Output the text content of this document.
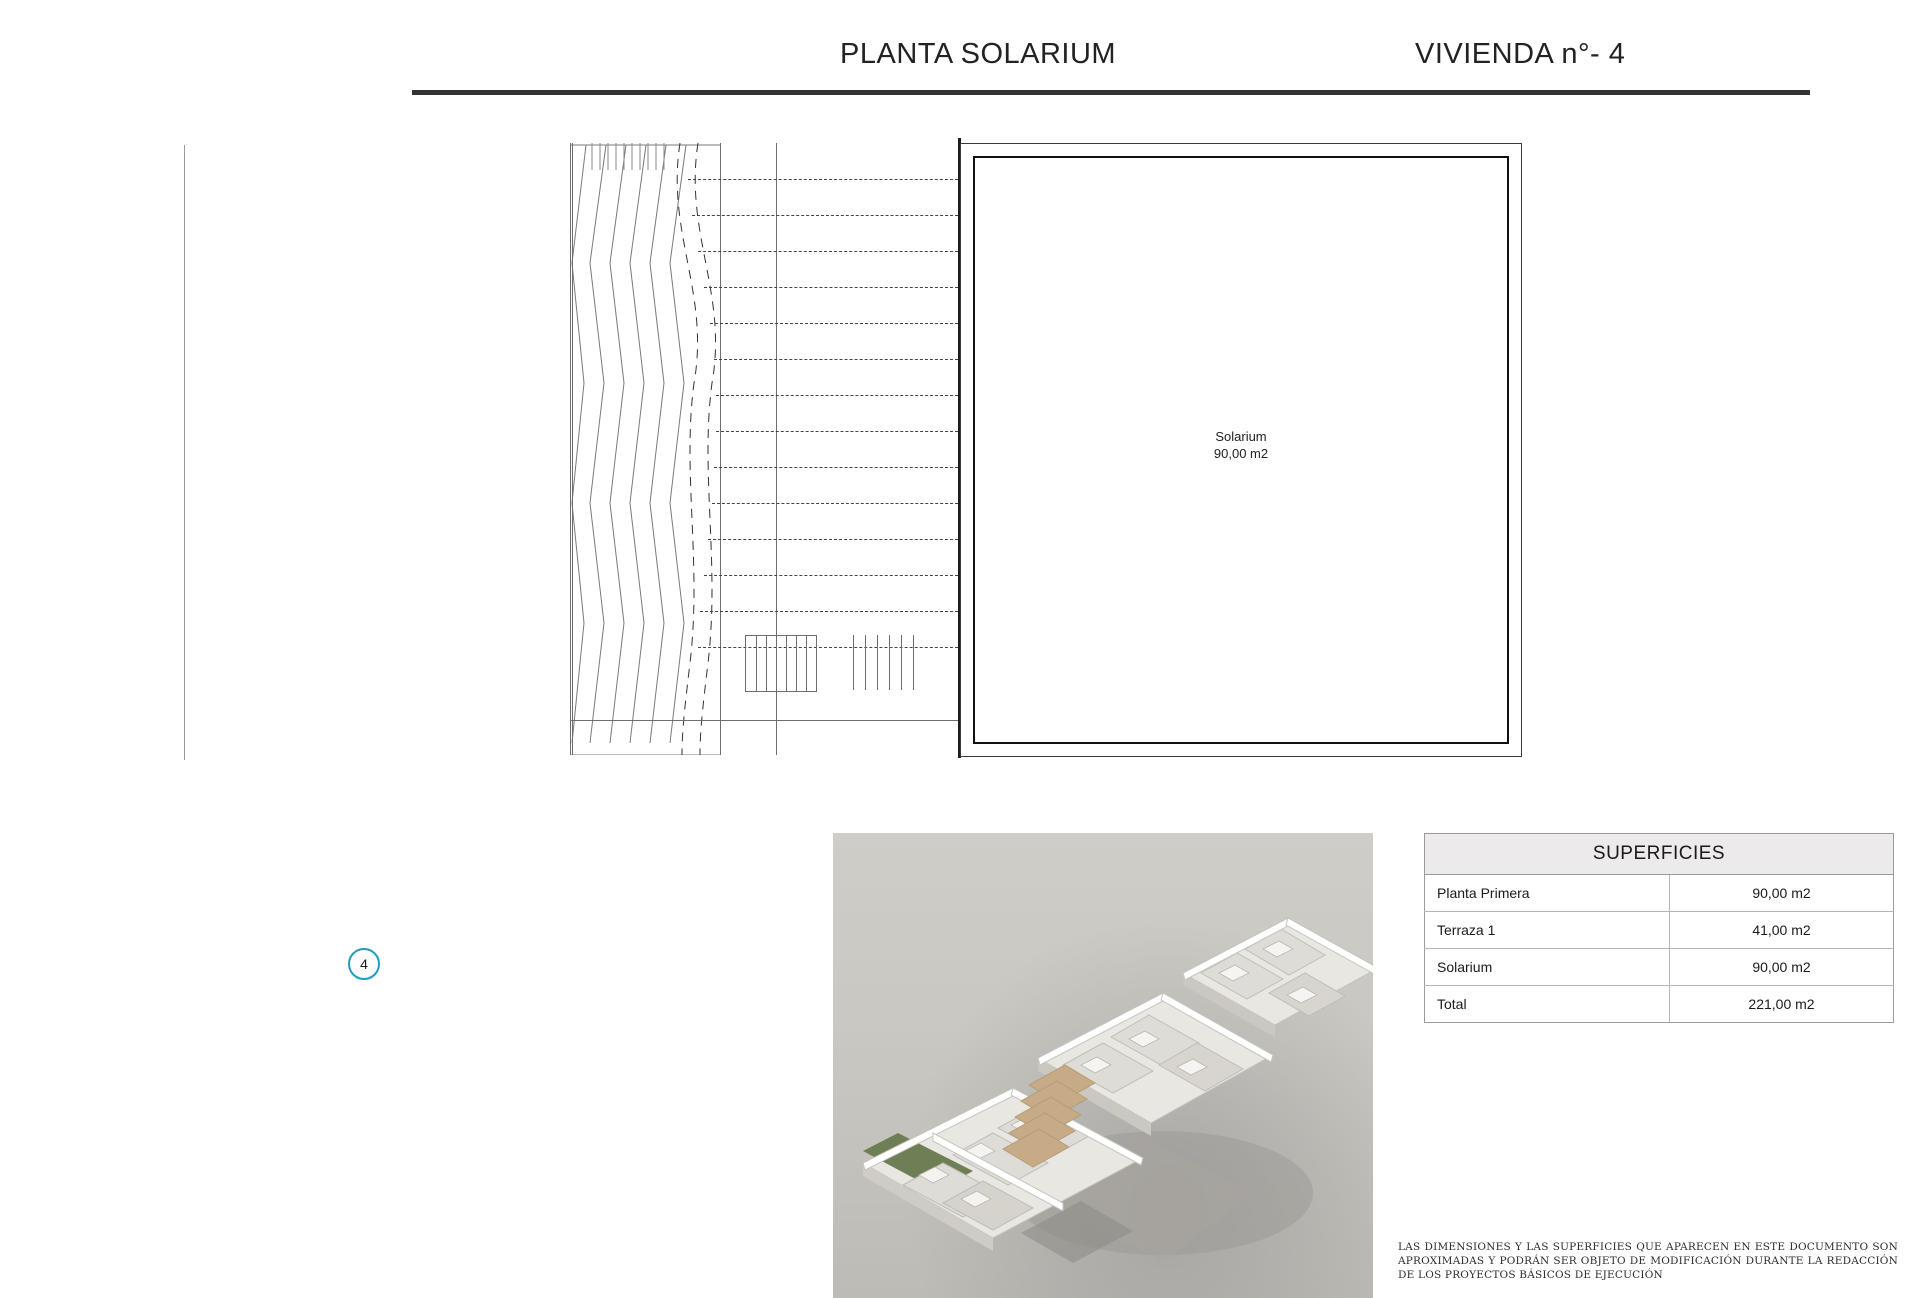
PLANTA SOLARIUM	VIVIENDA n°- 4
Solarium
90,00 m2
4
SUPERFICIES	
Planta Primera	90,00 m2
Terraza 1	41,00 m2
Solarium	90,00 m2
Total	221,00 m2
LAS DIMENSIONES Y LAS SUPERFICIES QUE APARECEN EN ESTE DOCUMENTO SON APROXIMADAS Y PODRÁN SER OBJETO DE MODIFICACIÓN DURANTE LA REDACCIÓN DE LOS PROYECTOS BÁSICOS DE EJECUCIÓN
